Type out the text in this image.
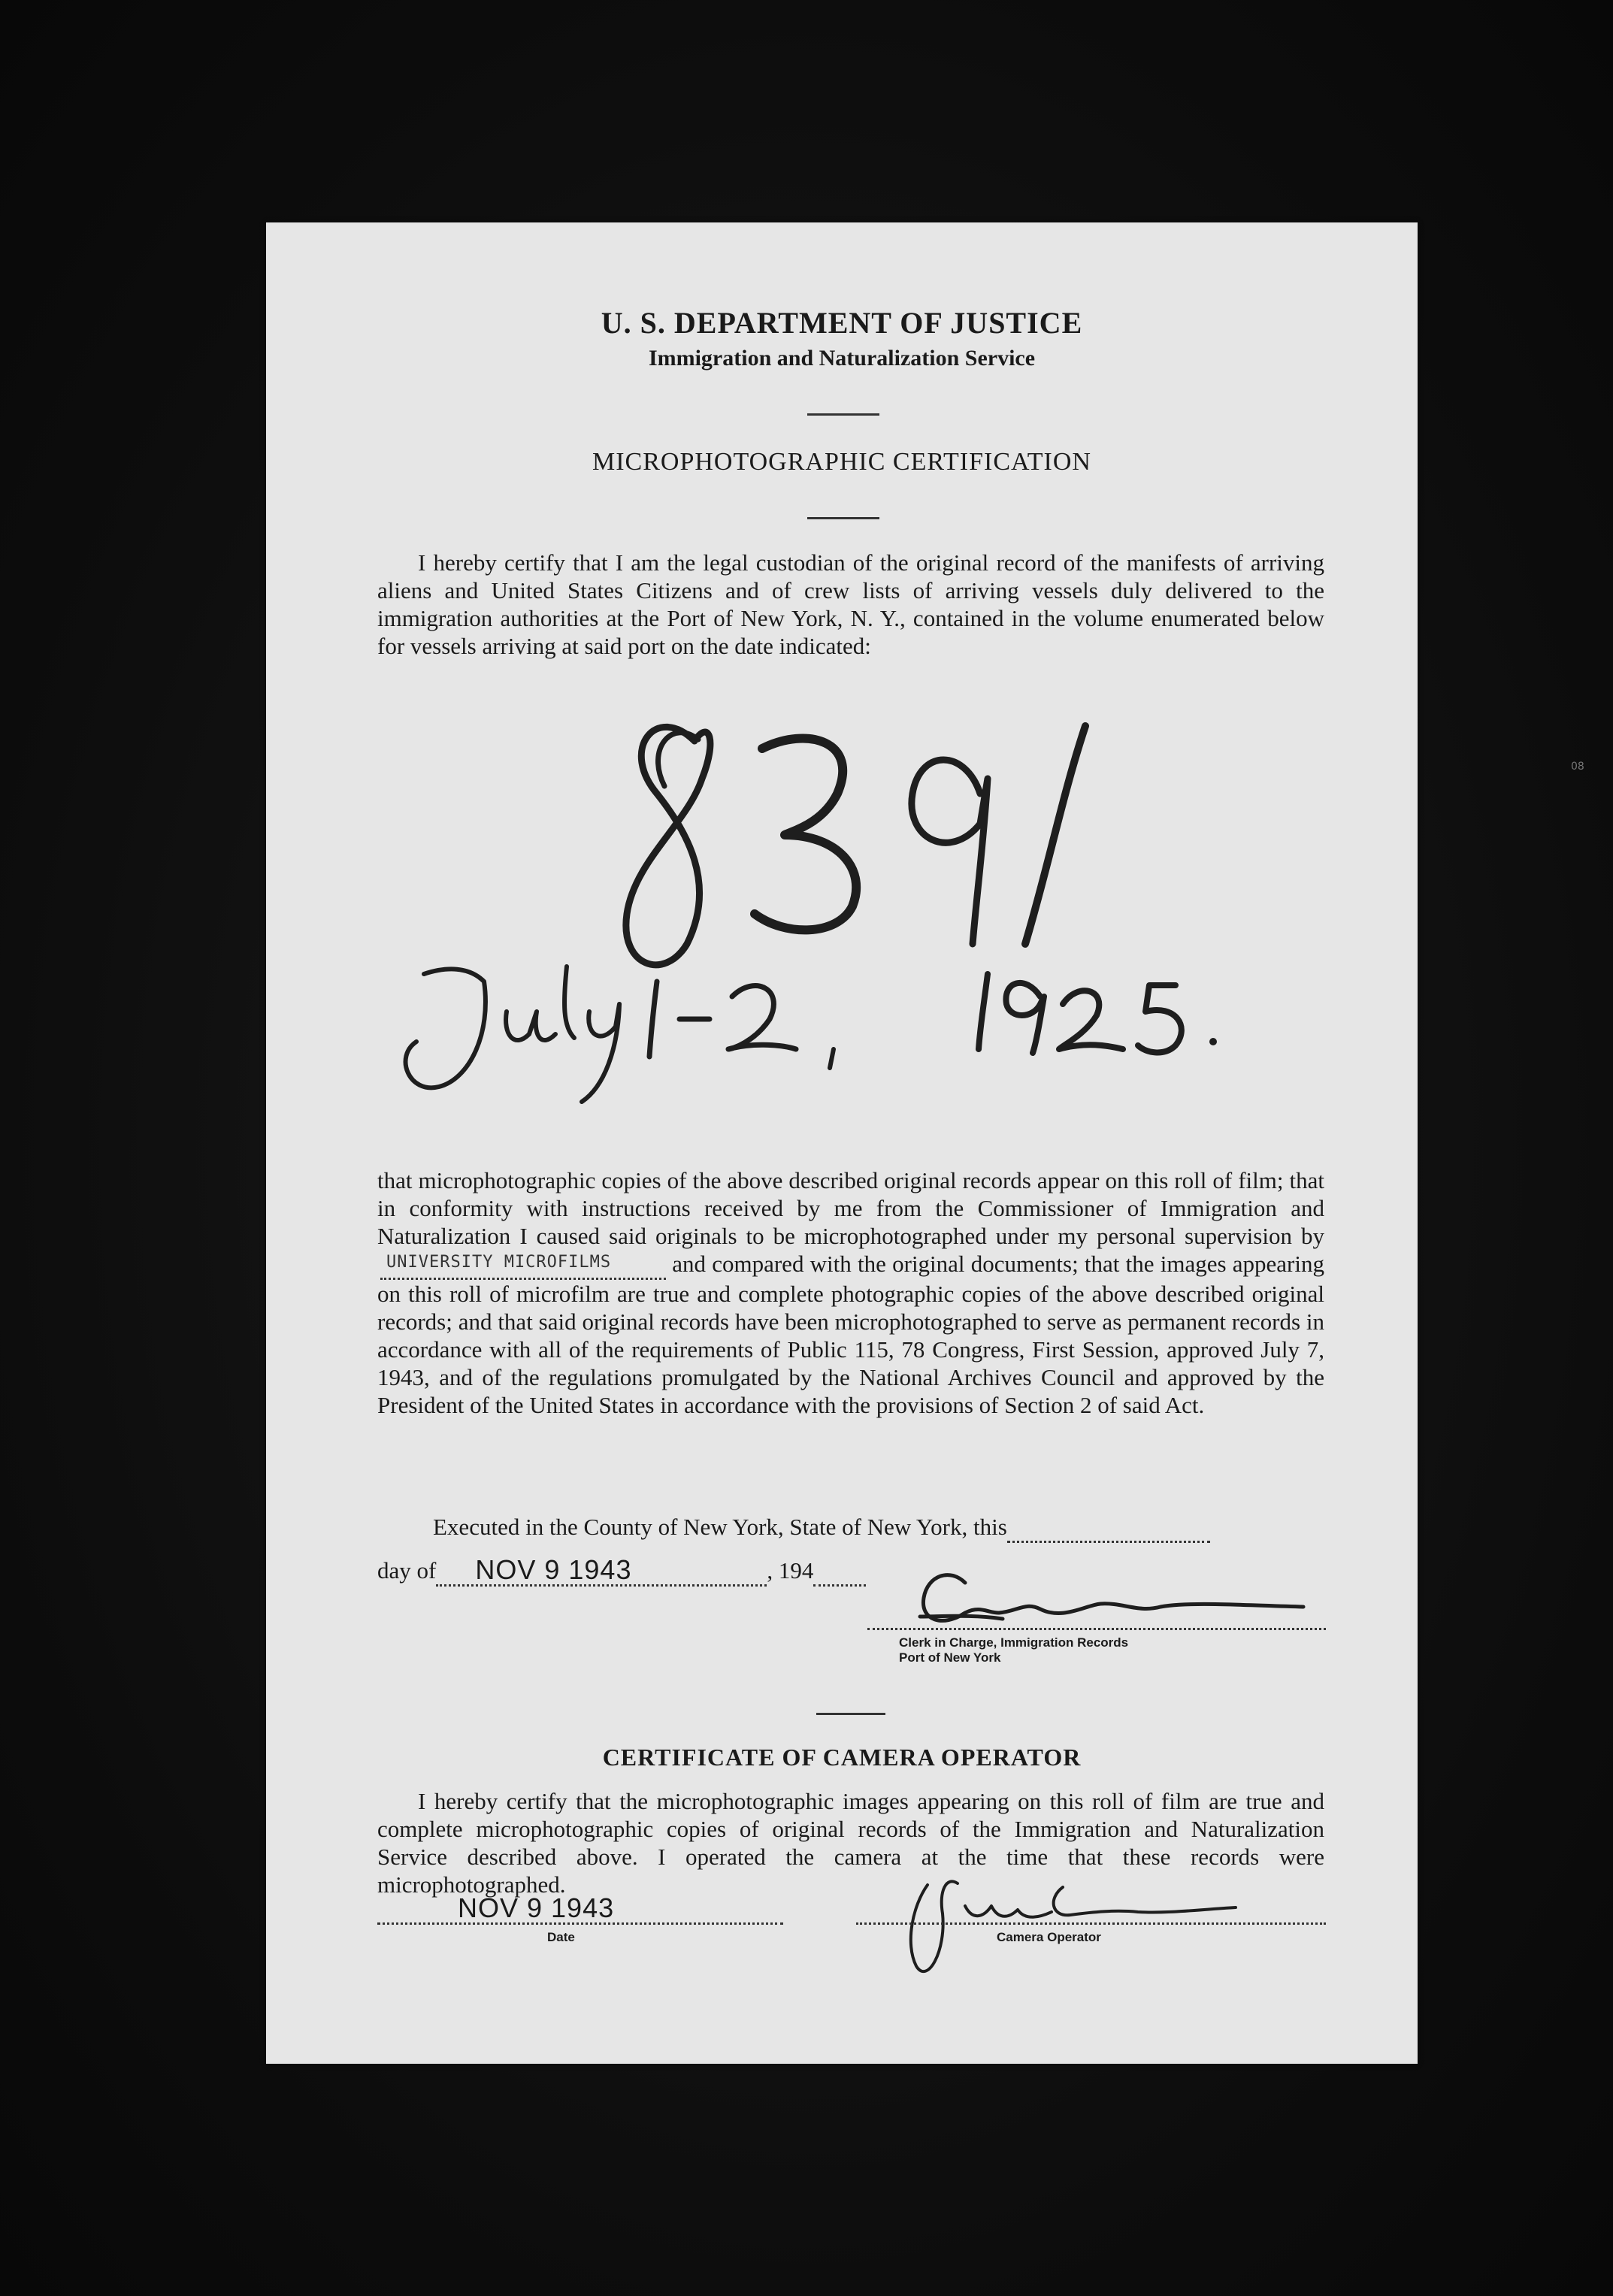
08
U. S. DEPARTMENT OF JUSTICE
Immigration and Naturalization Service
MICROPHOTOGRAPHIC CERTIFICATION

I hereby certify that I am the legal custodian of the original record of the manifests of arriving aliens and United States Citizens and of crew lists of arriving vessels duly delivered to the immigration authorities at the Port of New York, N. Y., contained in the volume enumerated below for vessels arriving at said port on the date indicated:

that microphotographic copies of the above described original records appear on this roll of film; that in conformity with instructions received by me from the Commissioner of Immigration and Naturalization I caused said originals to be microphotographed under my personal supervision by
UNIVERSITY MICROFILMS	and compared with the original documents; that the images appearing on this roll of microfilm are true and complete photographic copies of the above described original records; and that said original records have been microphotographed to serve as permanent records in accordance with all of the requirements of Public 115, 78 Congress, First Session, approved July 7, 1943, and of the regulations promulgated by the National Archives Council and approved by the President of the United States in accordance with the provisions of Section 2 of said Act.

Executed in the County of New York, State of New York, this
day of NOV 9 1943	, 194
Clerk in Charge, Immigration Records
Port of New York
CERTIFICATE OF CAMERA OPERATOR

I hereby certify that the microphotographic images appearing on this roll of film are true and complete microphotographic copies of original records of the Immigration and Naturalization Service described above. I operated the camera at the time that these records were microphotographed.

NOV 9 1943
Date	Camera Operator
